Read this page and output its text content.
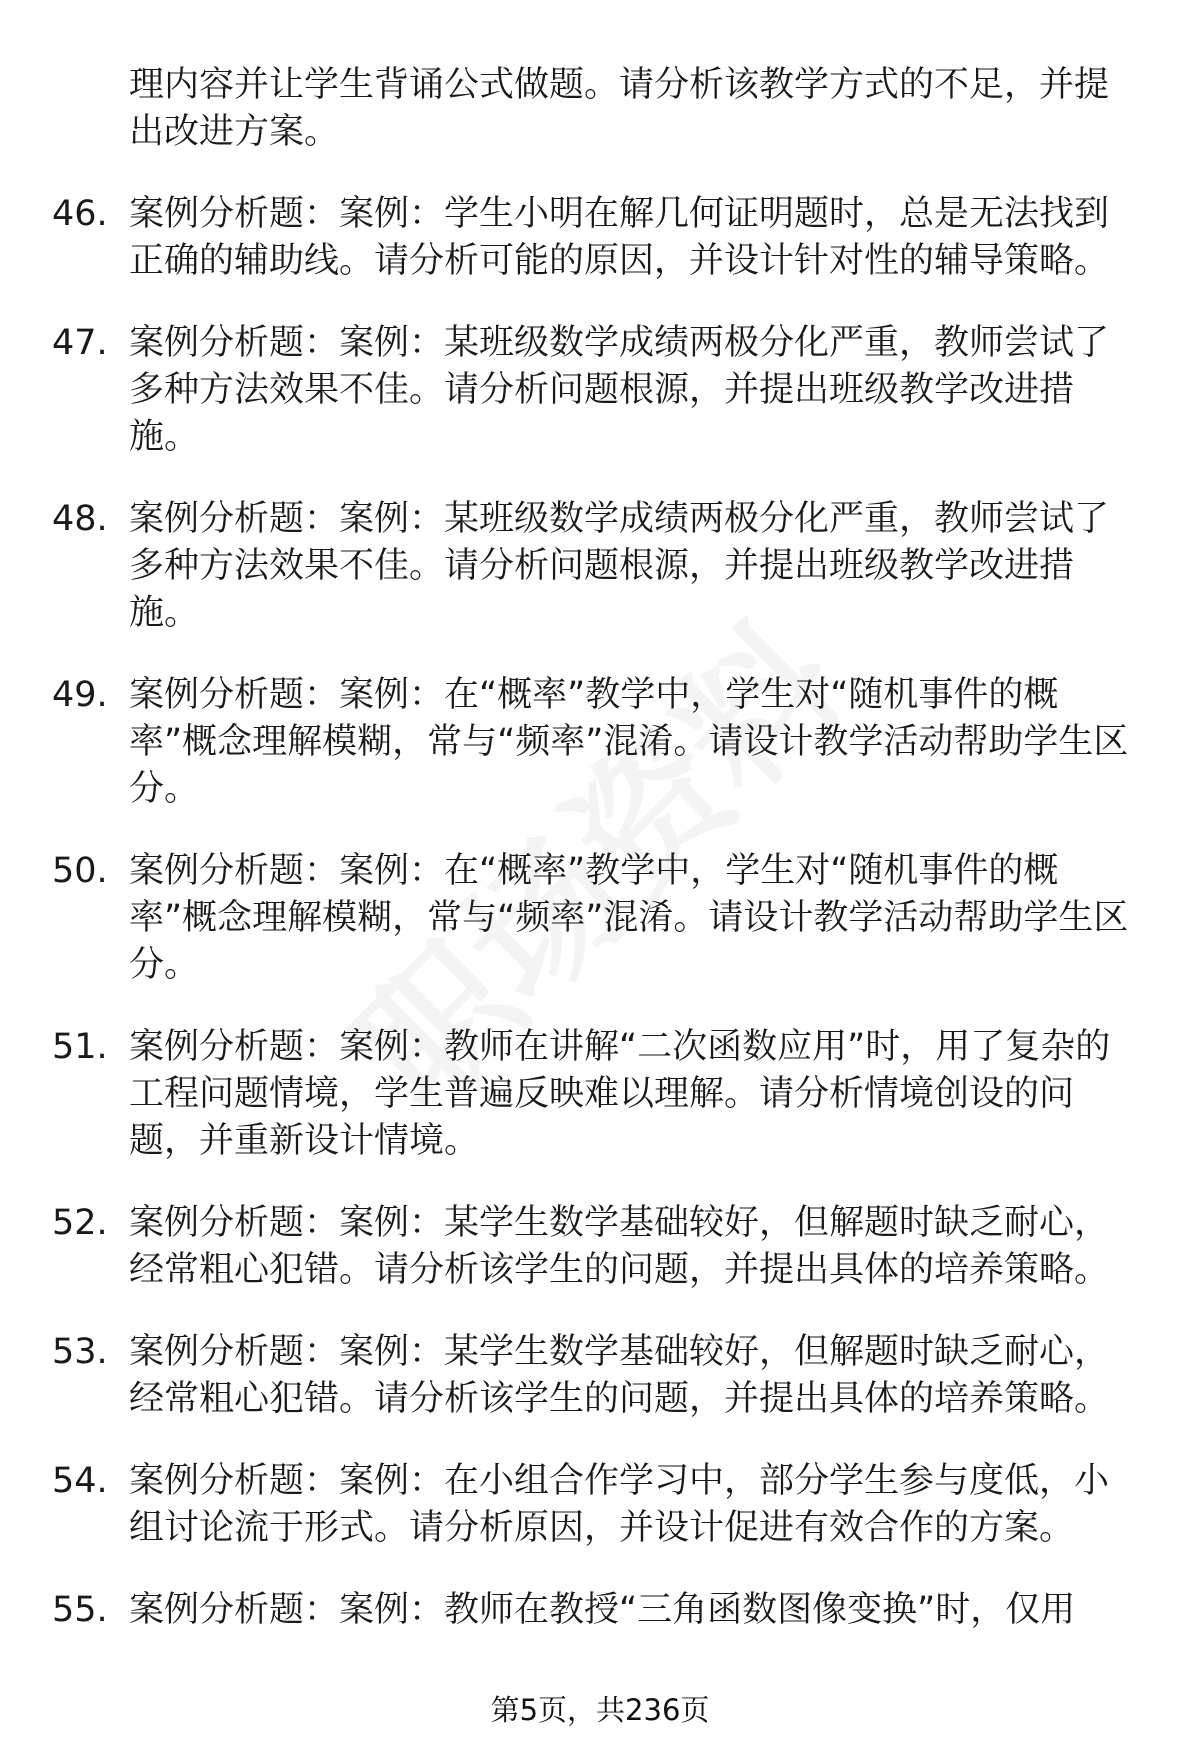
理内容并让学生背诵公式做题。请分析该教学方式的不足，并提出改进方案。
46. 案例分析题：案例：学生小明在解几何证明题时，总是无法找到正确的辅助线。请分析可能的原因，并设计针对性的辅导策略。
47. 案例分析题：案例：某班级数学成绩两极分化严重，教师尝试了多种方法效果不佳。请分析问题根源，并提出班级教学改进措施。
48. 案例分析题：案例：某班级数学成绩两极分化严重，教师尝试了多种方法效果不佳。请分析问题根源，并提出班级教学改进措施。
49. 案例分析题：案例：在“概率”教学中，学生对“随机事件的概率”概念理解模糊，常与“频率”混淆。请设计教学活动帮助学生区分。
50. 案例分析题：案例：在“概率”教学中，学生对“随机事件的概率”概念理解模糊，常与“频率”混淆。请设计教学活动帮助学生区分。
51. 案例分析题：案例：教师在讲解“二次函数应用”时，用了复杂的工程问题情境，学生普遍反映难以理解。请分析情境创设的问题，并重新设计情境。
52. 案例分析题：案例：某学生数学基础较好，但解题时缺乏耐心，经常粗心犯错。请分析该学生的问题，并提出具体的培养策略。
53. 案例分析题：案例：某学生数学基础较好，但解题时缺乏耐心，经常粗心犯错。请分析该学生的问题，并提出具体的培养策略。
54. 案例分析题：案例：在小组合作学习中，部分学生参与度低，小组讨论流于形式。请分析原因，并设计促进有效合作的方案。
55. 案例分析题：案例：教师在教授“三角函数图像变换”时，仅用
第5页，共236页
